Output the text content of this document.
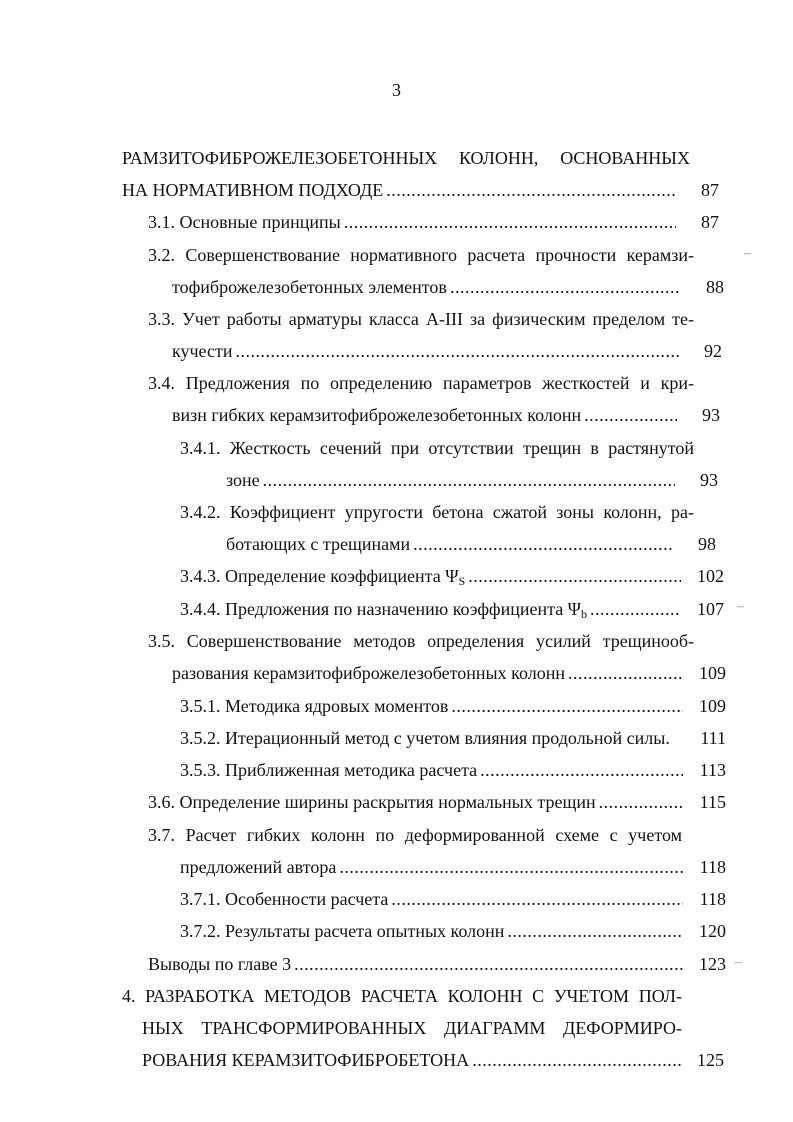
3
РАМЗИТОФИБРОЖЕЛЕЗОБЕТОННЫХ КОЛОНН, ОСНОВАННЫХ
НА НОРМАТИВНОМ ПОДХОДЕ .....	87
3.1. Основные принципы .....	87
3.2. Совершенствование нормативного расчета прочности керамзи-
тофиброжелезобетонных элементов .....	88
3.3. Учет работы арматуры класса А-III за физическим пределом те-
кучести .....	92
3.4. Предложения по определению параметров жесткостей и кри-
визн гибких керамзитофиброжелезобетонных колонн .....	93
3.4.1. Жесткость сечений при отсутствии трещин в растянутой
зоне .....	93
3.4.2. Коэффициент упругости бетона сжатой зоны колонн, ра-
ботающих с трещинами .....	98
3.4.3. Определение коэффициента $\Psi_S$ .....	102
3.4.4. Предложения по назначению коэффициента $\Psi_b$ .....	107
3.5. Совершенствование методов определения усилий трещинооб-
разования керамзитофиброжелезобетонных колонн .....	109
3.5.1. Методика ядровых моментов .....	109
3.5.2. Итерационный метод с учетом влияния продольной силы.	111
3.5.3. Приближенная методика расчета .....	113
3.6. Определение ширины раскрытия нормальных трещин .....	115
3.7. Расчет гибких колонн по деформированной схеме с учетом
предложений автора .....	118
3.7.1. Особенности расчета .....	118
3.7.2. Результаты расчета опытных колонн .....	120
Выводы по главе 3 .....	123
4. РАЗРАБОТКА МЕТОДОВ РАСЧЕТА КОЛОНН С УЧЕТОМ ПОЛ-
НЫХ ТРАНСФОРМИРОВАННЫХ ДИАГРАММ ДЕФОРМИРО-
РОВАНИЯ КЕРАМЗИТОФИБРОБЕТОНА .....	125
–
–
–
